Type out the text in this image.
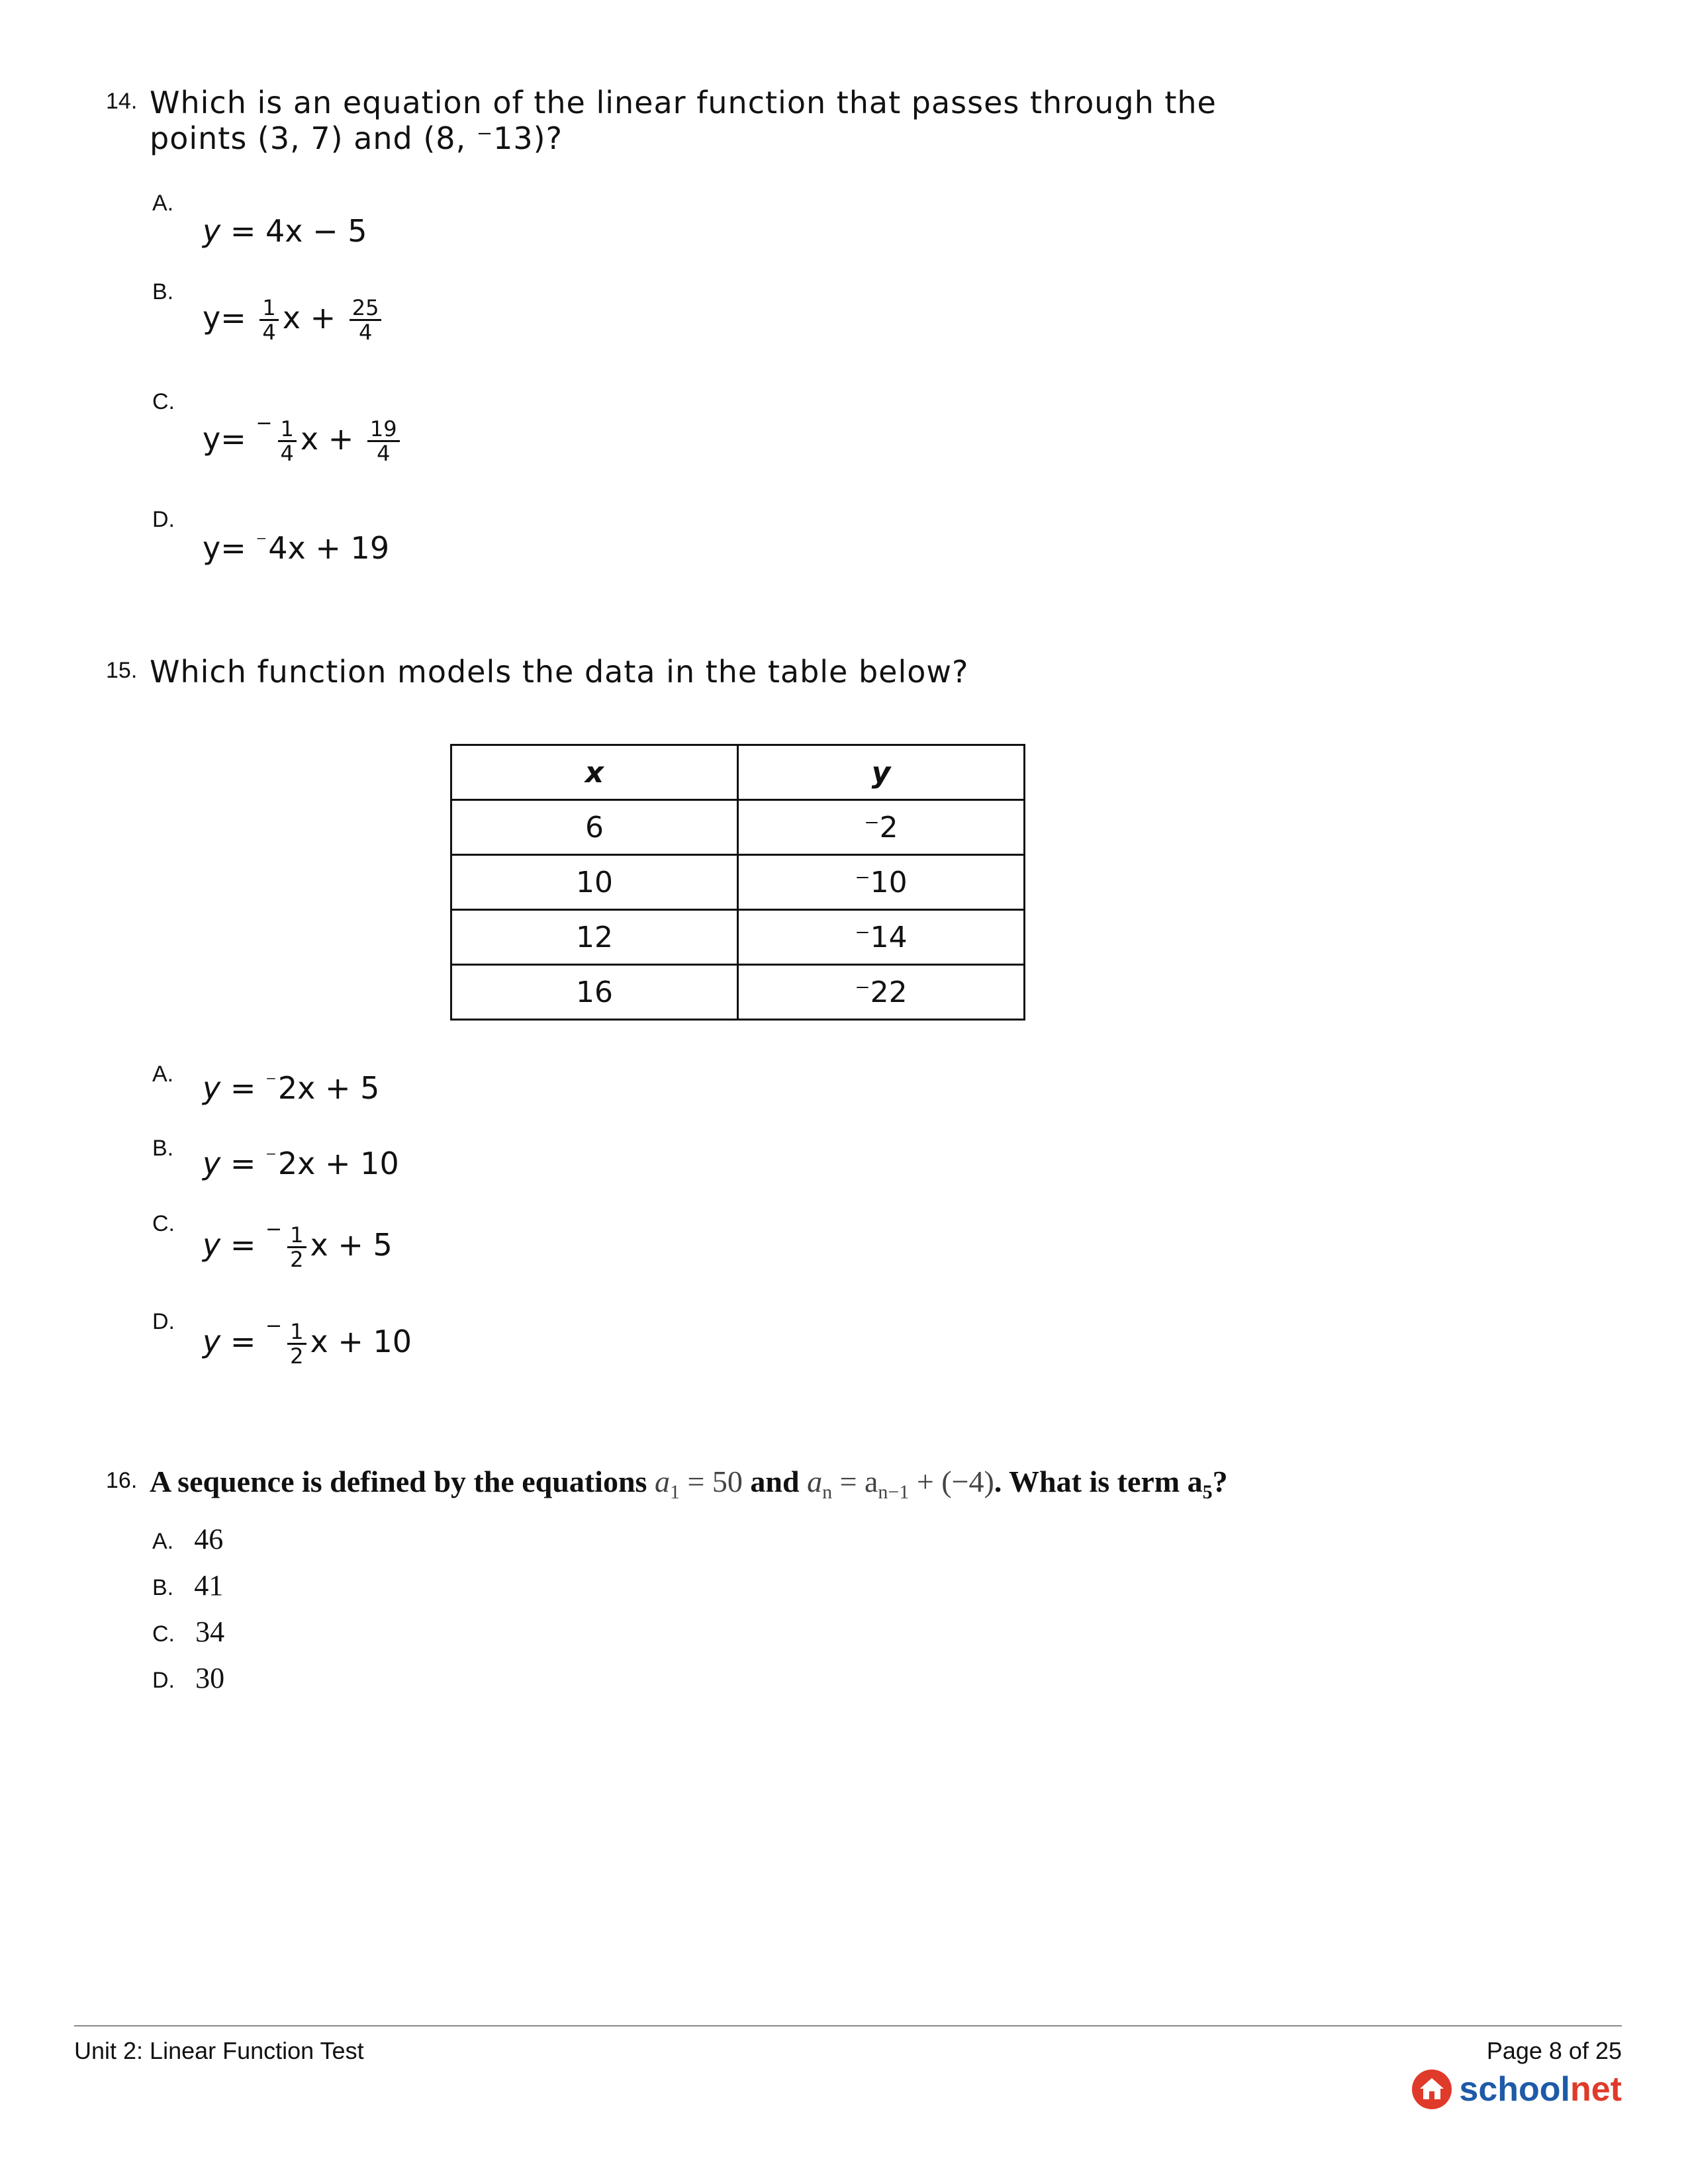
14. Which is an equation of the linear function that passes through the
points (3, 7) and (8, ⁻13)?
A.
y = 4x − 5
B.
$y= \frac{1}{4}$ $x + \frac{25}{4}$
C.
$y= ^- \frac{1}{4}$ $x + \frac{19}{4}$
D.
y= ⁻4x + 19
15. Which function models the data in the table below?
x	y
6	⁻2
10	⁻10
12	⁻14
16	⁻22
A. y = ⁻2x + 5
B. y = ⁻2x + 10
C.
$y = ^- \frac{1}{2}$ x + 5
D.
$y = ^- \frac{1}{2}$ x + 10
16. A sequence is defined by the equations $a_1 = 50$ and $a_n = a_{n-1} + (-4)$. What is term $a_5$?
A. 46
B. 41
C. 34
D. 30
Unit 2: Linear Function Test	Page 8 of 25
schoolnet
